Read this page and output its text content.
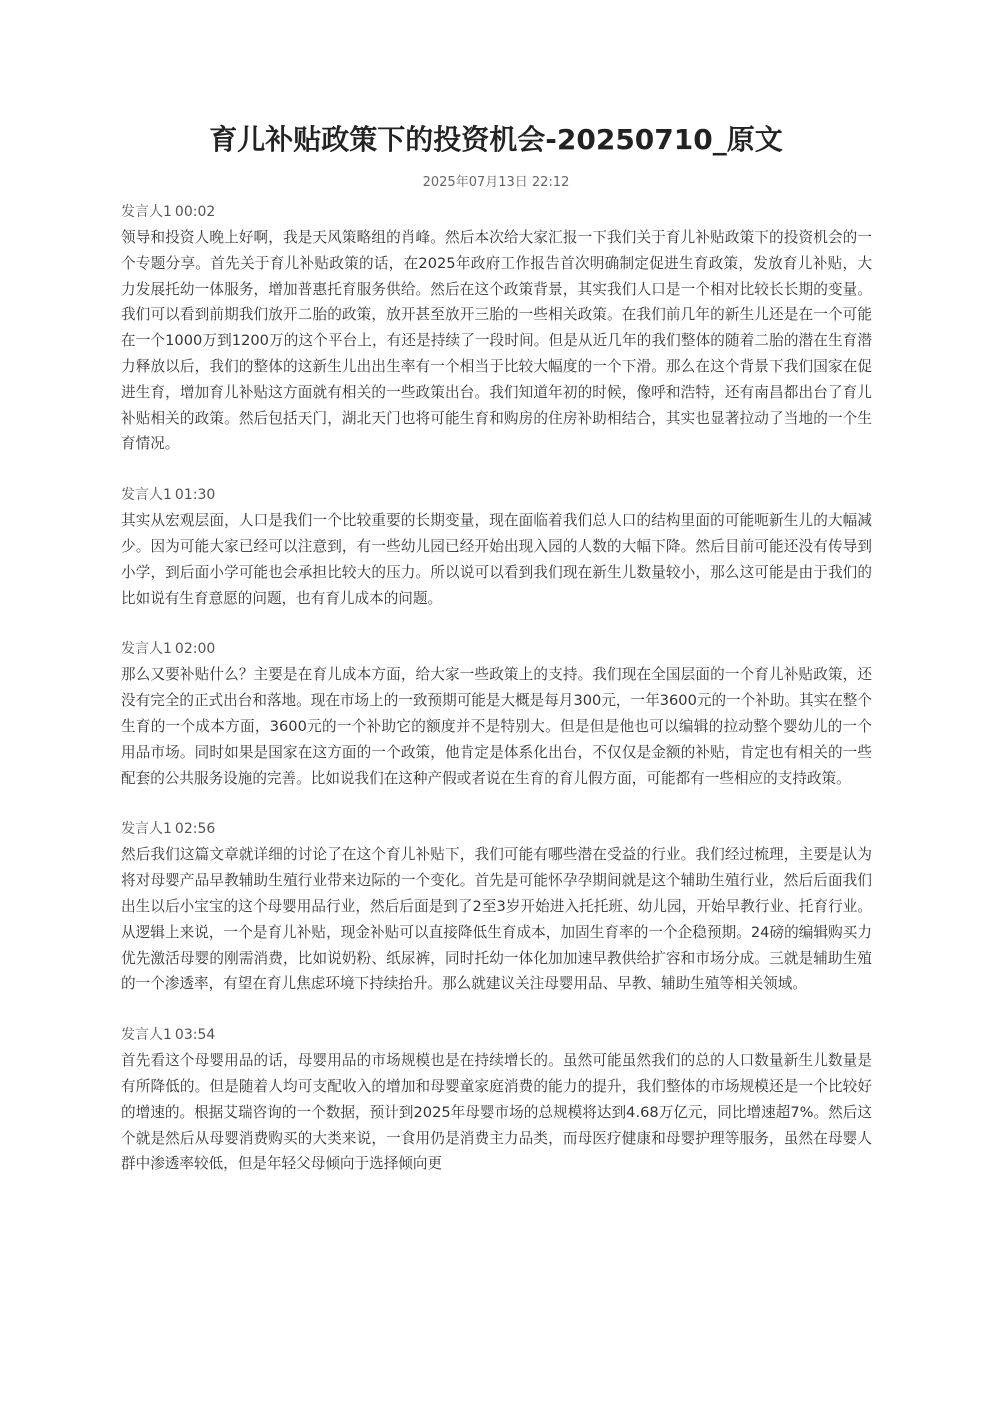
育儿补贴政策下的投资机会-20250710_原文
2025年07月13日 22:12
发言人1 00:02

领导和投资人晚上好啊，我是天风策略组的肖峰。然后本次给大家汇报一下我们关于育儿补贴政策下的投资机会的一个专题分享。首先关于育儿补贴政策的话，在2025年政府工作报告首次明确制定促进生育政策，发放育儿补贴，大力发展托幼一体服务，增加普惠托育服务供给。然后在这个政策背景，其实我们人口是一个相对比较长长期的变量。我们可以看到前期我们放开二胎的政策，放开甚至放开三胎的一些相关政策。在我们前几年的新生儿还是在一个可能在一个1000万到1200万的这个平台上，有还是持续了一段时间。但是从近几年的我们整体的随着二胎的潜在生育潜力释放以后，我们的整体的这新生儿出出生率有一个相当于比较大幅度的一个下滑。那么在这个背景下我们国家在促进生育，增加育儿补贴这方面就有相关的一些政策出台。我们知道年初的时候，像呼和浩特，还有南昌都出台了育儿补贴相关的政策。然后包括天门，湖北天门也将可能生育和购房的住房补助相结合，其实也显著拉动了当地的一个生育情况。

发言人1 01:30

其实从宏观层面，人口是我们一个比较重要的长期变量，现在面临着我们总人口的结构里面的可能呃新生儿的大幅减少。因为可能大家已经可以注意到，有一些幼儿园已经开始出现入园的人数的大幅下降。然后目前可能还没有传导到小学，到后面小学可能也会承担比较大的压力。所以说可以看到我们现在新生儿数量较小，那么这可能是由于我们的比如说有生育意愿的问题，也有育儿成本的问题。

发言人1 02:00

那么又要补贴什么？主要是在育儿成本方面，给大家一些政策上的支持。我们现在全国层面的一个育儿补贴政策，还没有完全的正式出台和落地。现在市场上的一致预期可能是大概是每月300元，一年3600元的一个补助。其实在整个生育的一个成本方面，3600元的一个补助它的额度并不是特别大。但是但是他也可以编辑的拉动整个婴幼儿的一个用品市场。同时如果是国家在这方面的一个政策，他肯定是体系化出台，不仅仅是金额的补贴，肯定也有相关的一些配套的公共服务设施的完善。比如说我们在这种产假或者说在生育的育儿假方面，可能都有一些相应的支持政策。

发言人1 02:56

然后我们这篇文章就详细的讨论了在这个育儿补贴下，我们可能有哪些潜在受益的行业。我们经过梳理，主要是认为将对母婴产品早教辅助生殖行业带来边际的一个变化。首先是可能怀孕孕期间就是这个辅助生殖行业，然后后面我们出生以后小宝宝的这个母婴用品行业，然后后面是到了2至3岁开始进入托托班、幼儿园，开始早教行业、托育行业。从逻辑上来说，一个是育儿补贴，现金补贴可以直接降低生育成本，加固生育率的一个企稳预期。24磅的编辑购买力优先激活母婴的刚需消费，比如说奶粉、纸尿裤，同时托幼一体化加加速早教供给扩容和市场分成。三就是辅助生殖的一个渗透率，有望在育儿焦虑环境下持续抬升。那么就建议关注母婴用品、早教、辅助生殖等相关领域。

发言人1 03:54

首先看这个母婴用品的话，母婴用品的市场规模也是在持续增长的。虽然可能虽然我们的总的人口数量新生儿数量是有所降低的。但是随着人均可支配收入的增加和母婴童家庭消费的能力的提升，我们整体的市场规模还是一个比较好的增速的。根据艾瑞咨询的一个数据，预计到2025年母婴市场的总规模将达到4.68万亿元，同比增速超7%。然后这个就是然后从母婴消费购买的大类来说，一食用仍是消费主力品类，而母医疗健康和母婴护理等服务，虽然在母婴人群中渗透率较低，但是年轻父母倾向于选择倾向更
